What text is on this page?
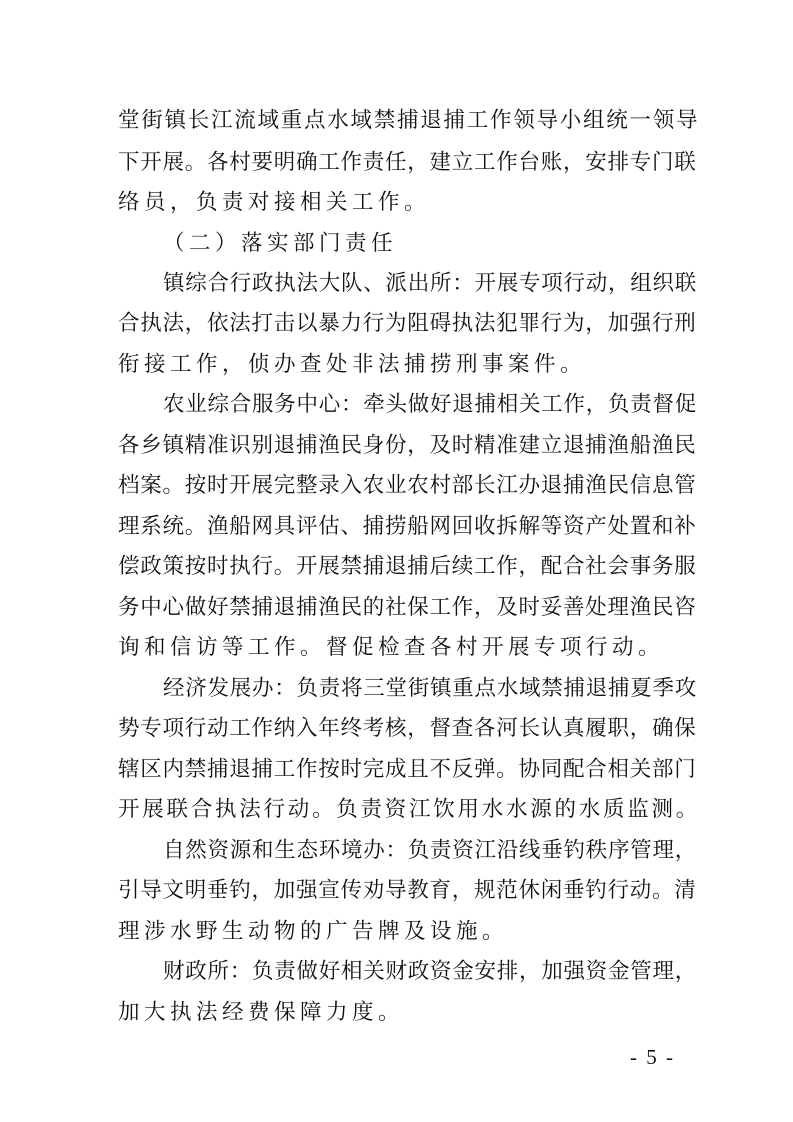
堂街镇长江流域重点水域禁捕退捕工作领导小组统一领导
下开展。各村要明确工作责任，建立工作台账，安排专门联
络员，负责对接相关工作。
（二）落实部门责任
镇综合行政执法大队、派出所：开展专项行动，组织联
合执法，依法打击以暴力行为阻碍执法犯罪行为，加强行刑
衔接工作，侦办查处非法捕捞刑事案件。
农业综合服务中心：牵头做好退捕相关工作，负责督促
各乡镇精准识别退捕渔民身份，及时精准建立退捕渔船渔民
档案。按时开展完整录入农业农村部长江办退捕渔民信息管
理系统。渔船网具评估、捕捞船网回收拆解等资产处置和补
偿政策按时执行。开展禁捕退捕后续工作，配合社会事务服
务中心做好禁捕退捕渔民的社保工作，及时妥善处理渔民咨
询和信访等工作。督促检查各村开展专项行动。
经济发展办：负责将三堂街镇重点水域禁捕退捕夏季攻
势专项行动工作纳入年终考核，督查各河长认真履职，确保
辖区内禁捕退捕工作按时完成且不反弹。协同配合相关部门
开展联合执法行动。负责资江饮用水水源的水质监测。
自然资源和生态环境办：负责资江沿线垂钓秩序管理，
引导文明垂钓，加强宣传劝导教育，规范休闲垂钓行动。清
理涉水野生动物的广告牌及设施。
财政所：负责做好相关财政资金安排，加强资金管理，
加大执法经费保障力度。
- 5 -
